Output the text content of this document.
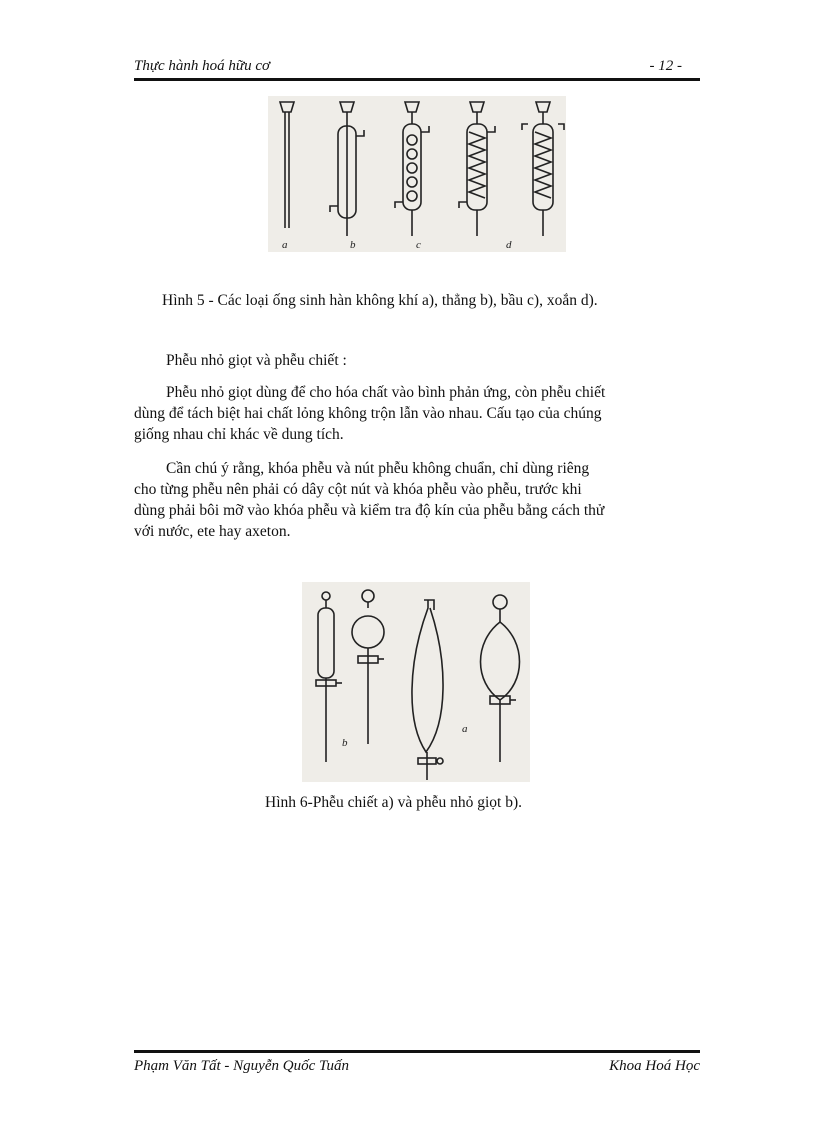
Thực hành hoá hữu cơ	- 12 -
a	b	c	d
Hình 5 - Các loại ống sinh hàn không khí a), thẳng b), bầu c), xoắn d).
Phễu nhỏ giọt và phễu chiết :
Phễu nhỏ giọt dùng để cho hóa chất vào bình phản ứng, còn phễu chiết
dùng để tách biệt hai chất lỏng không trộn lẫn vào nhau. Cấu tạo của chúng
giống nhau chỉ khác về dung tích.
Cần chú ý rằng, khóa phễu và nút phễu không chuẩn, chỉ dùng riêng
cho từng phễu nên phải có dây cột nút và khóa phễu vào phễu, trước khi
dùng phải bôi mỡ vào khóa phễu và kiểm tra độ kín của phễu bằng cách thử
với nước, ete hay axeton.
b
a
Hình 6-Phễu chiết a) và phễu nhỏ giọt b).
Phạm Văn Tất - Nguyễn Quốc Tuấn	Khoa Hoá Học
